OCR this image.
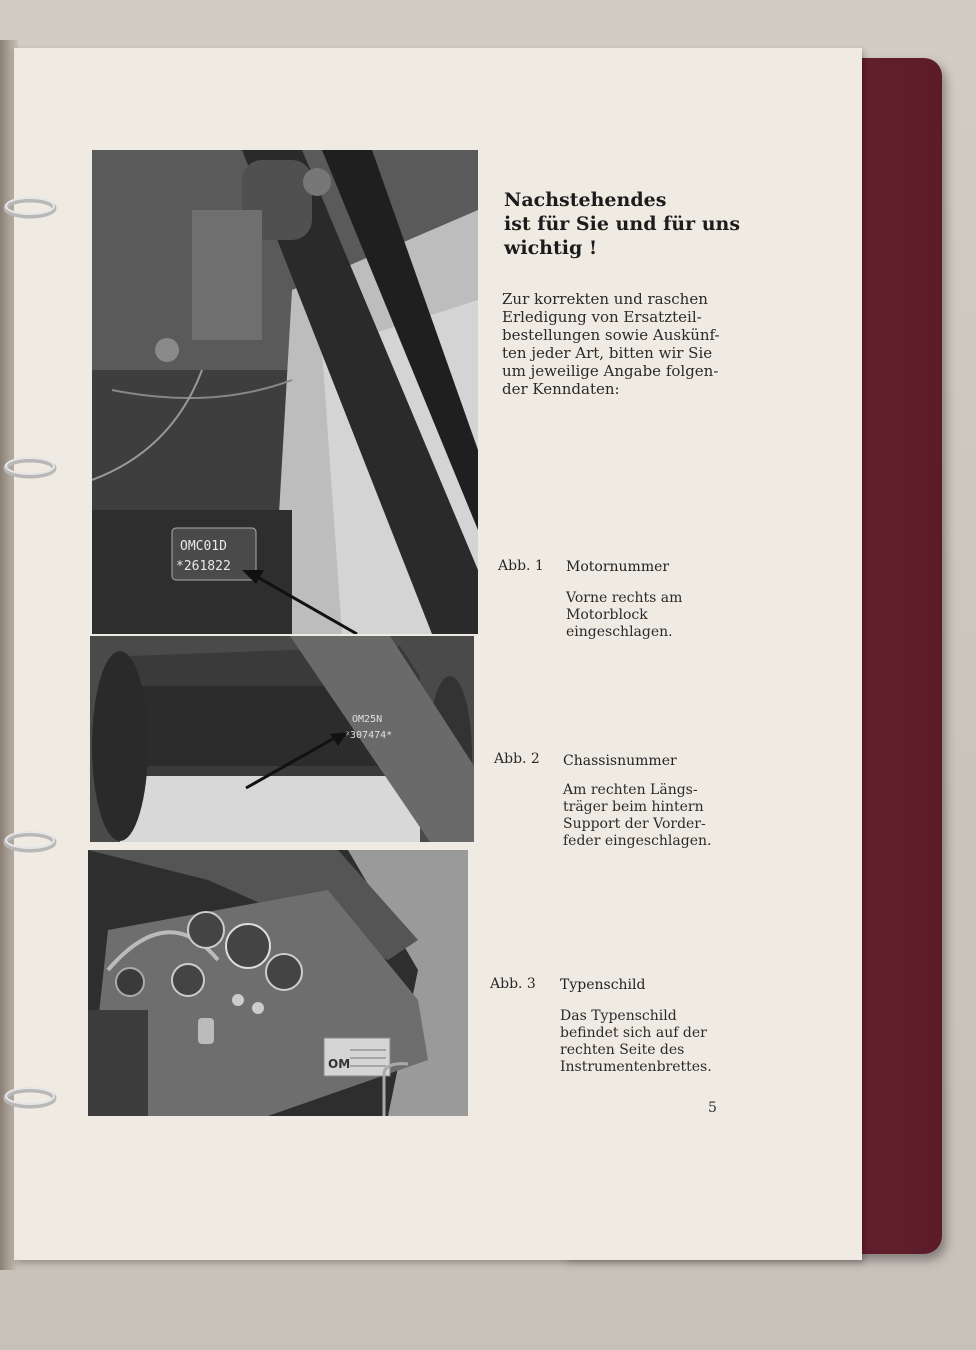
OMC01D
*261822
OM25N
*307474*
OM
Nachstehendes
ist für Sie und für uns
wichtig !
Zur korrekten und raschen
Erledigung von Ersatzteil-
bestellungen sowie Auskünf-
ten jeder Art, bitten wir Sie
um jeweilige Angabe folgen-
der Kenndaten:
Abb. 1 Motornummer
Vorne rechts am
Motorblock
eingeschlagen.
Abb. 2 Chassisnummer
Am rechten Längs-
träger beim hintern
Support der Vorder-
feder eingeschlagen.
Abb. 3 Typenschild
Das Typenschild
befindet sich auf der
rechten Seite des
Instrumentenbrettes.
5
